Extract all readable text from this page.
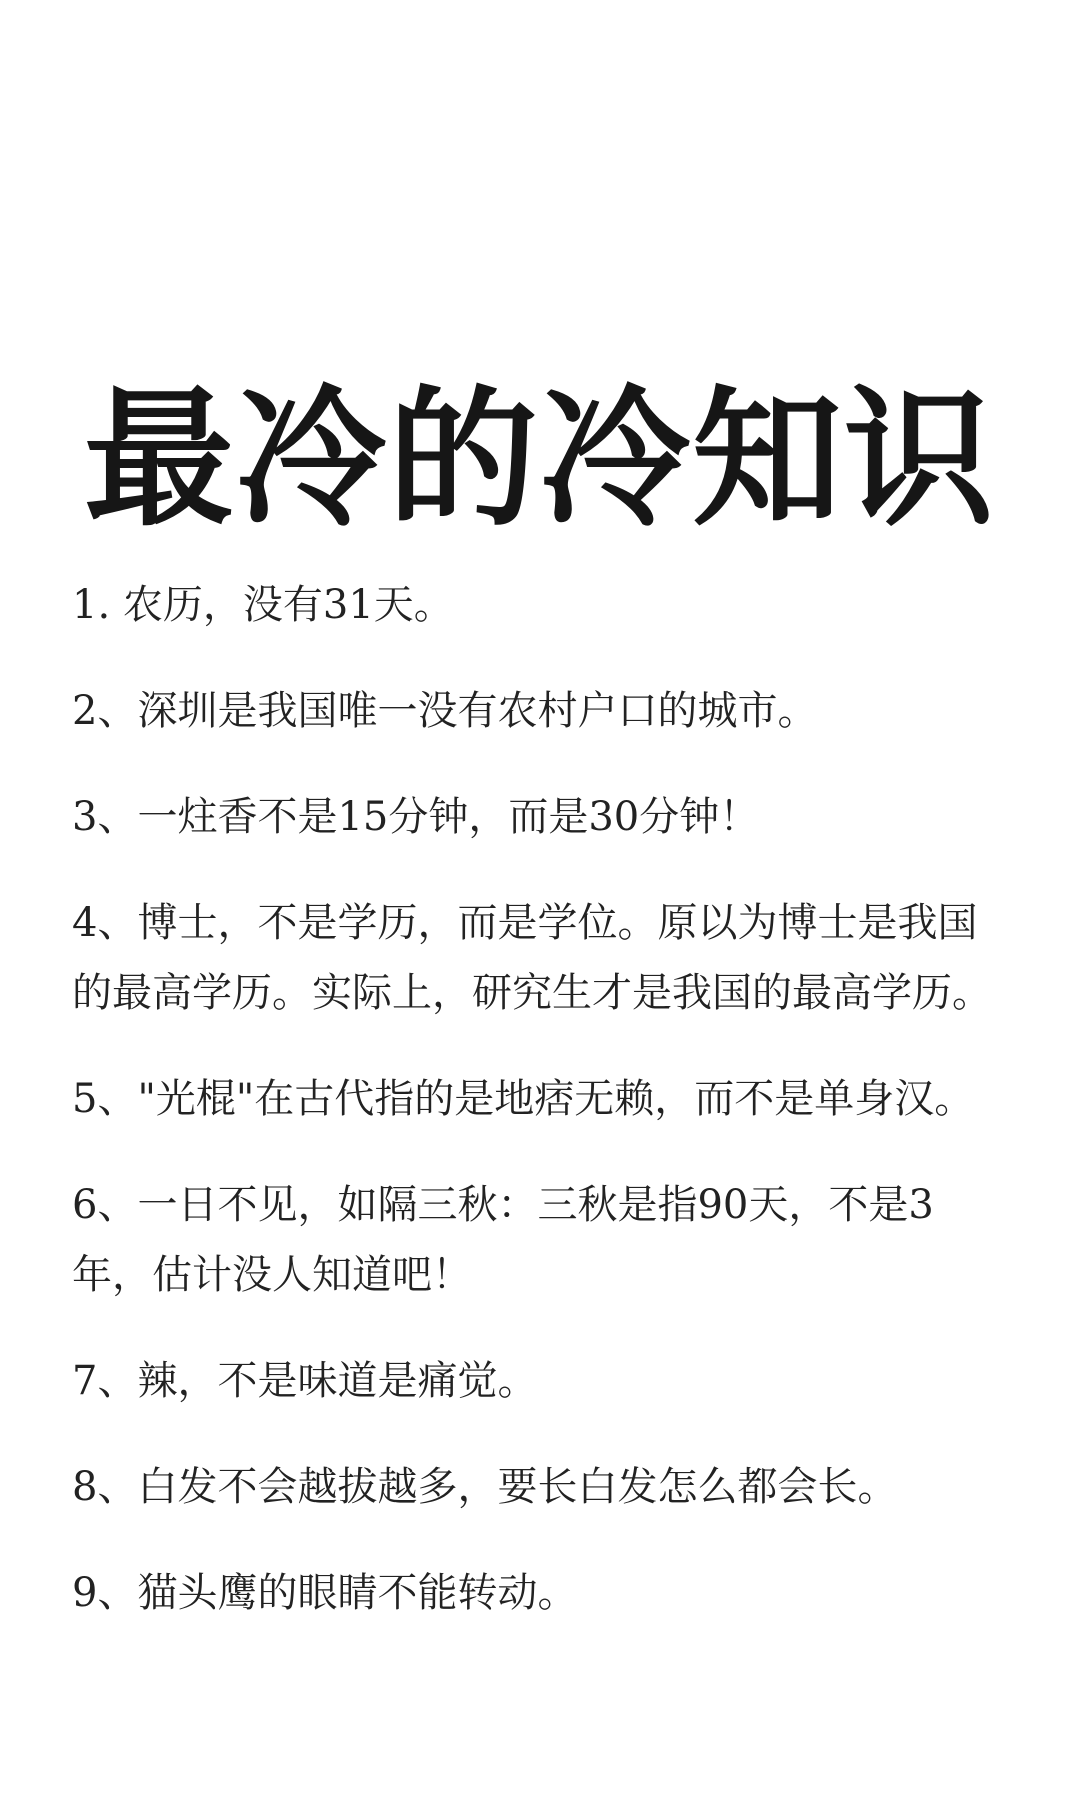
最冷的冷知识
1. 农历，没有31天。
2、深圳是我国唯一没有农村户口的城市。
3、一炷香不是15分钟，而是30分钟！
4、博士，不是学历，而是学位。原以为博士是我国的最高学历。实际上，研究生才是我国的最高学历。
5、"光棍"在古代指的是地痞无赖，而不是单身汉。
6、一日不见，如隔三秋：三秋是指90天，不是3年，估计没人知道吧！
7、辣，不是味道是痛觉。
8、白发不会越拔越多，要长白发怎么都会长。
9、猫头鹰的眼睛不能转动。
